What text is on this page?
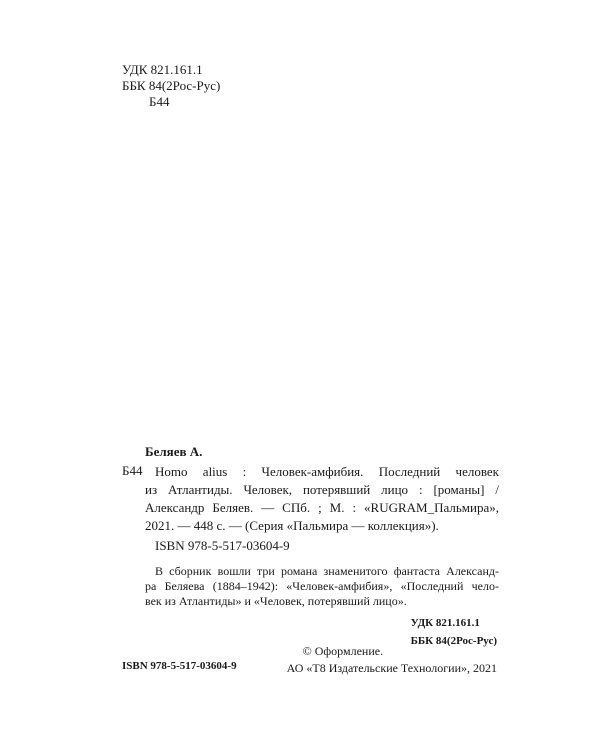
УДК 821.161.1
ББК 84(2Рос-Рус)
Б44
Беляев А.
Б44 Homo alius : Человек-амфибия. Последний человек
из Атлантиды. Человек, потерявший лицо : [романы] /
Александр Беляев. — СПб. ; М. : «RUGRAM_Пальмира»,
2021. — 448 с. — (Серия «Пальмира — коллекция»).
ISBN 978-5-517-03604-9
В сборник вошли три романа знаменитого фантаста Александ-
ра Беляева (1884–1942): «Человек-амфибия», «Последний чело-
век из Атлантиды» и «Человек, потерявший лицо».
УДК 821.161.1
ББК 84(2Рос-Рус)
© Оформление.
АО «Т8 Издательские Технологии», 2021
ISBN 978-5-517-03604-9
